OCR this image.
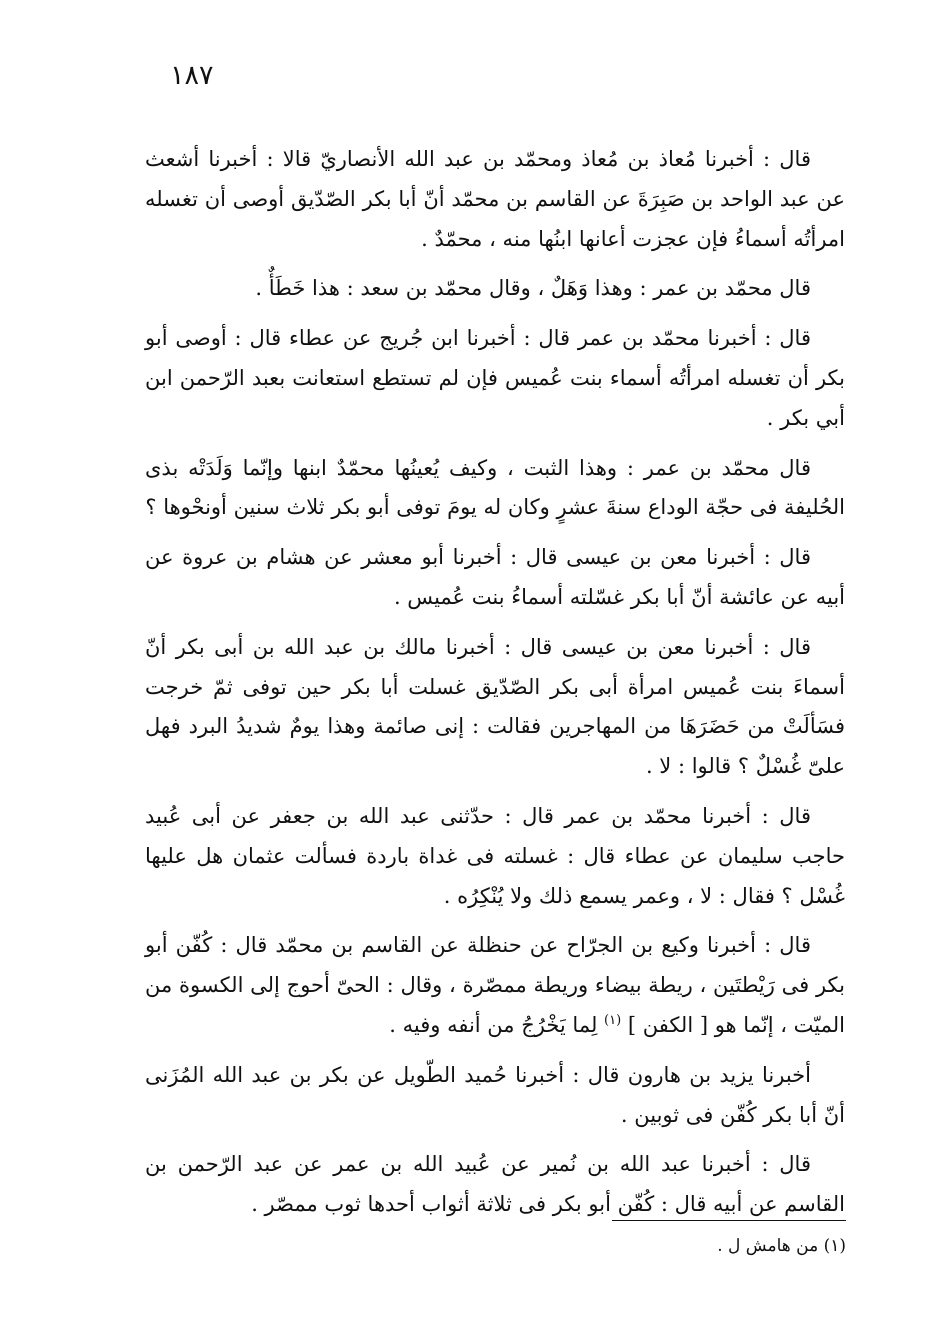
١٨٧

قال : أخبرنا مُعاذ بن مُعاذ ومحمّد بن عبد الله الأنصاريّ قالا : أخبرنا أشعث عن عبد الواحد بن صَبِرَةَ عن القاسم بن محمّد أنّ أبا بكر الصّدّيق أوصى أن تغسله امرأتُه أسماءُ فإن عجزت أعانها ابنُها منه ، محمّدٌ .

قال محمّد بن عمر : وهذا وَهَلٌ ، وقال محمّد بن سعد : هذا خَطَأٌ .

قال : أخبرنا محمّد بن عمر قال : أخبرنا ابن جُريج عن عطاء قال : أوصى أبو بكر أن تغسله امرأتُه أسماء بنت عُميس فإن لم تستطع استعانت بعبد الرّحمن ابن أبي بكر .

قال محمّد بن عمر : وهذا الثبت ، وكيف يُعينُها محمّدٌ ابنها وإنّما وَلَدَتْه بذى الحُليفة فى حجّة الوداع سنةَ عشرٍ وكان له يومَ توفى أبو بكر ثلاث سنين أونحْوها ؟

قال : أخبرنا معن بن عيسى قال : أخبرنا أبو معشر عن هشام بن عروة عن أبيه عن عائشة أنّ أبا بكر غسّلته أسماءُ بنت عُميس .

قال : أخبرنا معن بن عيسى قال : أخبرنا مالك بن عبد الله بن أبى بكر أنّ أسماءَ بنت عُميس امرأة أبى بكر الصّدّيق غسلت أبا بكر حين توفى ثمّ خرجت فسَألَتْ من حَضَرَهَا من المهاجرين فقالت : إنى صائمة وهذا يومٌ شديدُ البرد فهل علىّ غُسْلٌ ؟ قالوا : لا .

قال : أخبرنا محمّد بن عمر قال : حدّثنى عبد الله بن جعفر عن أبى عُبيد حاجب سليمان عن عطاء قال : غسلته فى غداة باردة فسألت عثمان هل عليها غُسْل ؟ فقال : لا ، وعمر يسمع ذلك ولا يُنْكِرُه .

قال : أخبرنا وكيع بن الجرّاح عن حنظلة عن القاسم بن محمّد قال : كُفّن أبو بكر فى رَيْطتَين ، ريطة بيضاء وريطة ممصّرة ، وقال : الحىّ أحوج إلى الكسوة من الميّت ، إنّما هو [ الكفن ] $^{(١)}$ لِما يَخْرُجُ من أنفه وفيه .

أخبرنا يزيد بن هارون قال : أخبرنا حُميد الطّويل عن بكر بن عبد الله المُزَنى أنّ أبا بكر كُفّن فى ثوبين .

قال : أخبرنا عبد الله بن نُمير عن عُبيد الله بن عمر عن عبد الرّحمن بن القاسم عن أبيه قال : كُفّن أبو بكر فى ثلاثة أثواب أحدها ثوب ممصّر .

(١) من هامش ل .
